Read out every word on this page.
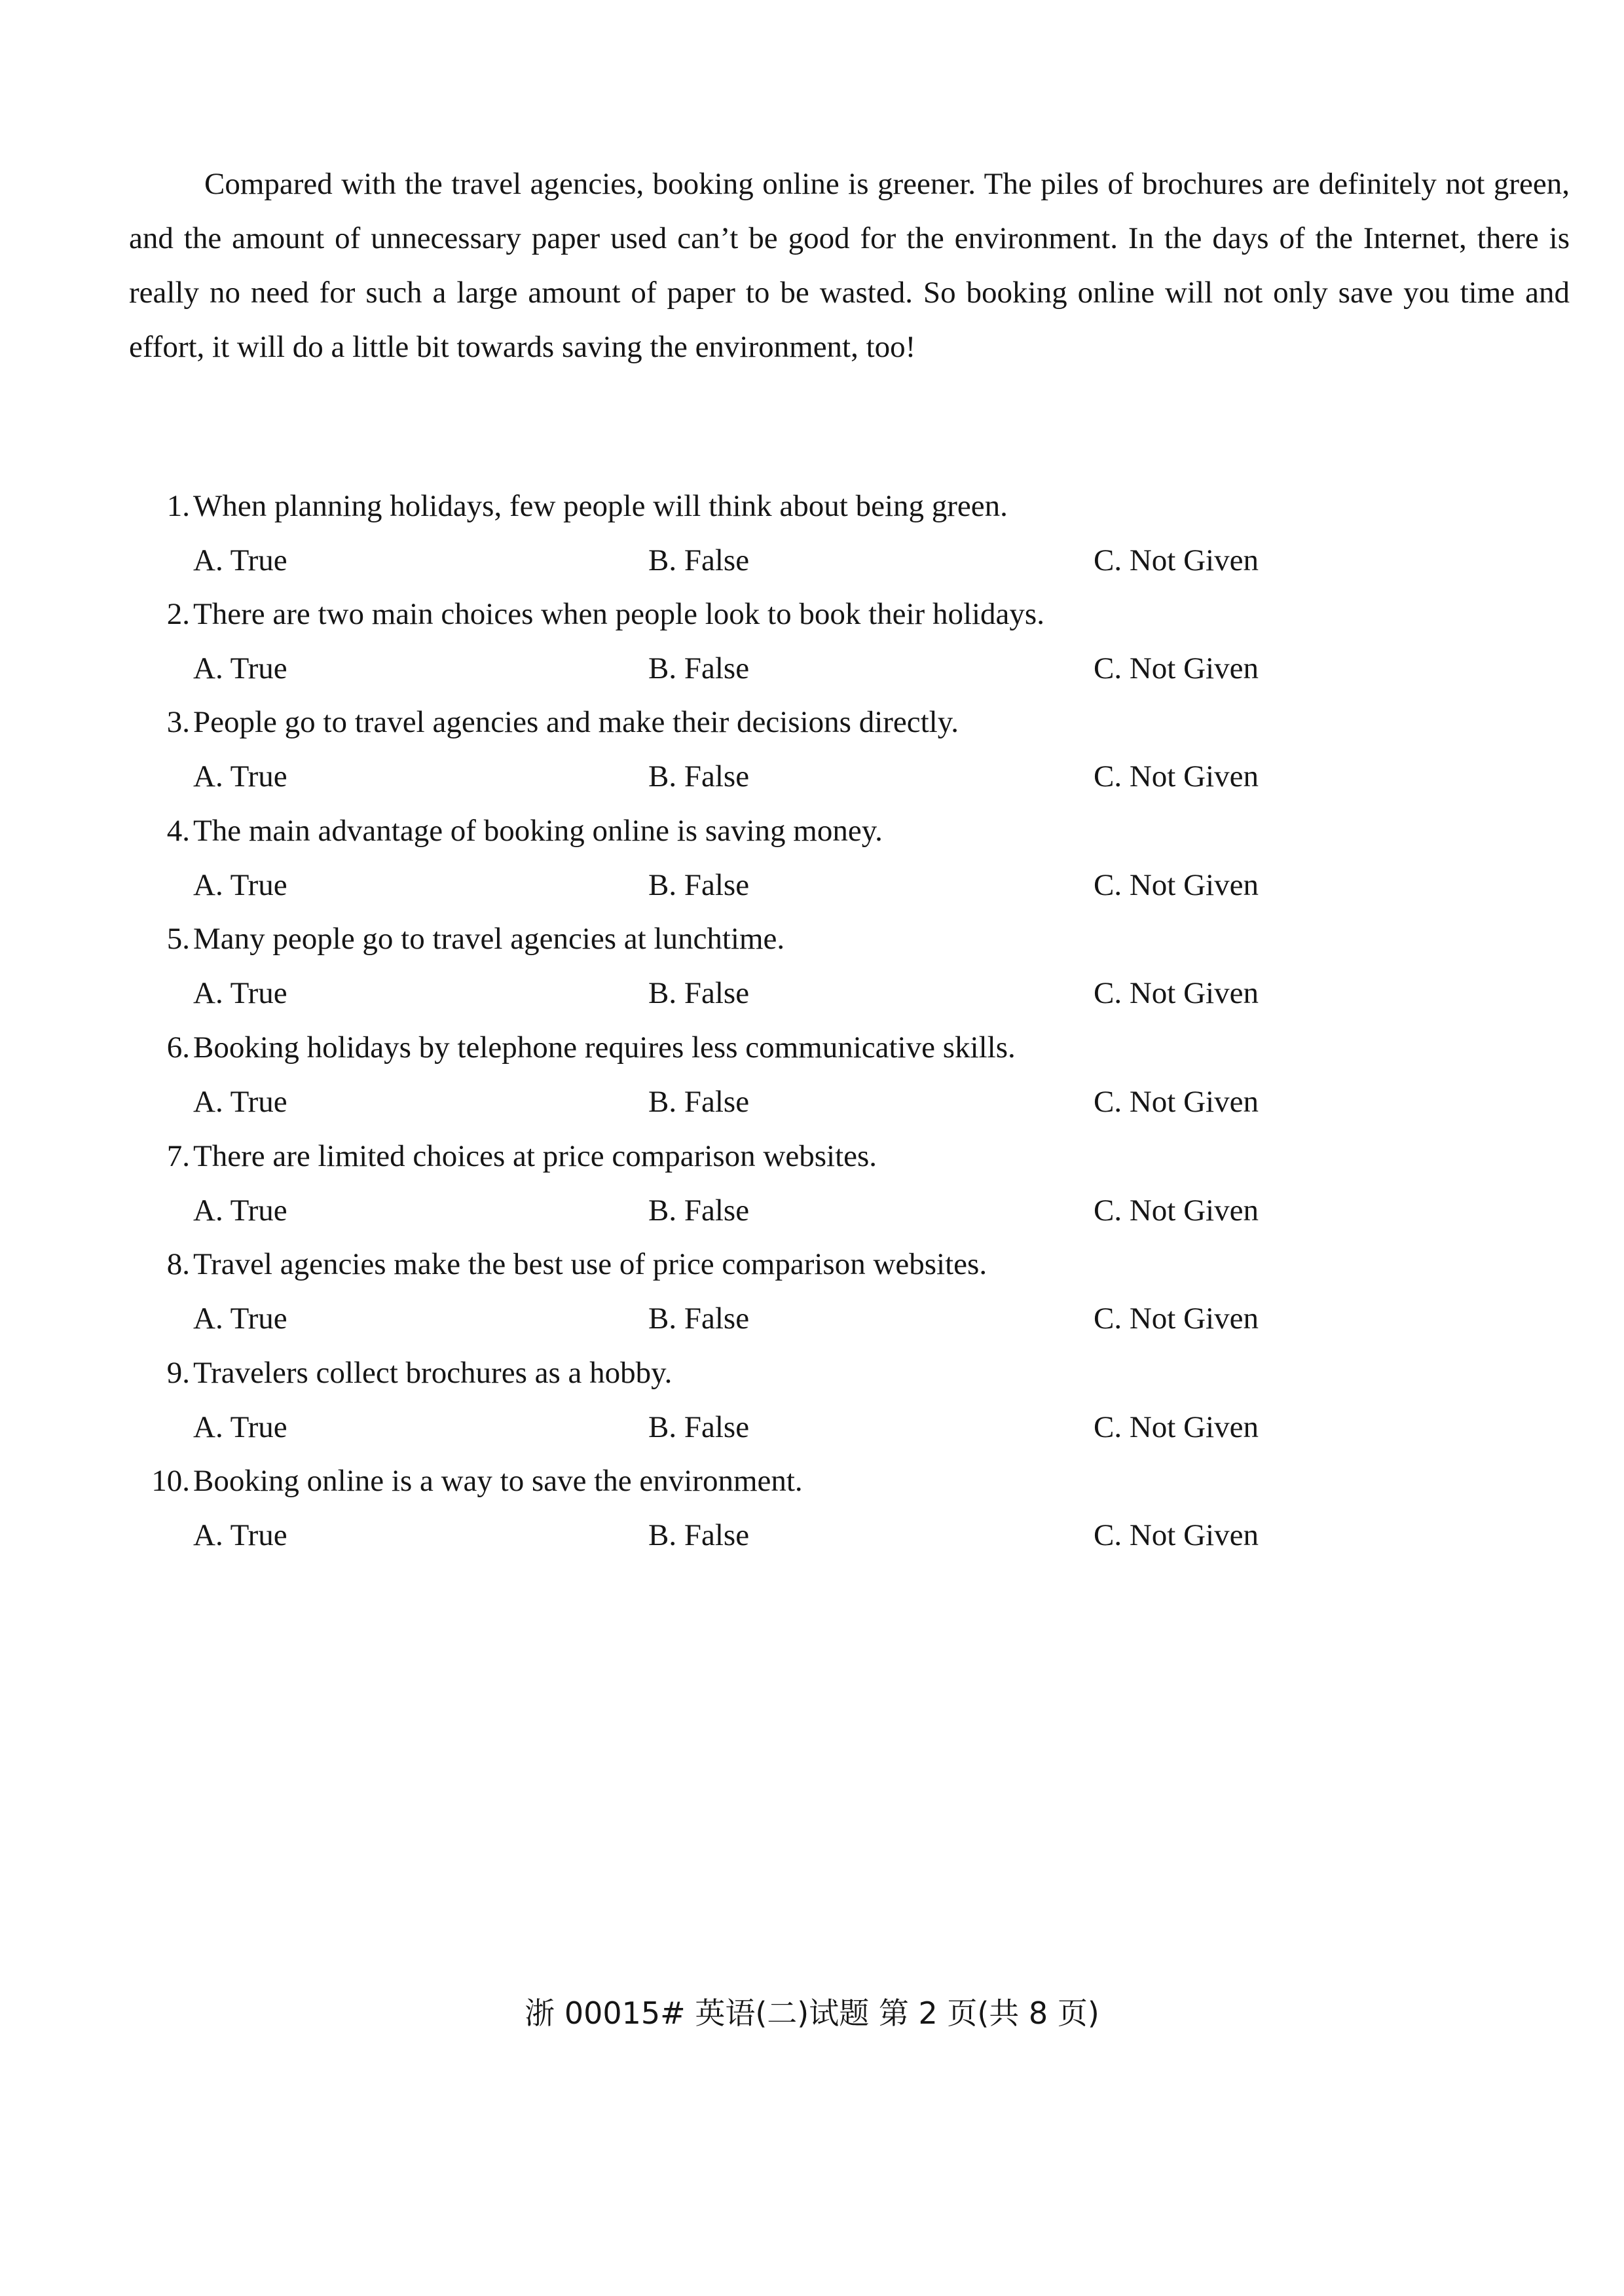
Compared with the travel agencies, booking online is greener. The piles of brochures are definitely not green, and the amount of unnecessary paper used can’t be good for the environment. In the days of the Internet, there is really no need for such a large amount of paper to be wasted. So booking online will not only save you time and effort, it will do a little bit towards saving the environment, too!
1. When planning holidays, few people will think about being green.
A. True	B. False	C. Not Given
2. There are two main choices when people look to book their holidays.
A. True	B. False	C. Not Given
3. People go to travel agencies and make their decisions directly.
A. True	B. False	C. Not Given
4. The main advantage of booking online is saving money.
A. True	B. False	C. Not Given
5. Many people go to travel agencies at lunchtime.
A. True	B. False	C. Not Given
6. Booking holidays by telephone requires less communicative skills.
A. True	B. False	C. Not Given
7. There are limited choices at price comparison websites.
A. True	B. False	C. Not Given
8. Travel agencies make the best use of price comparison websites.
A. True	B. False	C. Not Given
9. Travelers collect brochures as a hobby.
A. True	B. False	C. Not Given
10. Booking online is a way to save the environment.
A. True	B. False	C. Not Given
浙 00015# 英语(二)试题 第 2 页(共 8 页)
